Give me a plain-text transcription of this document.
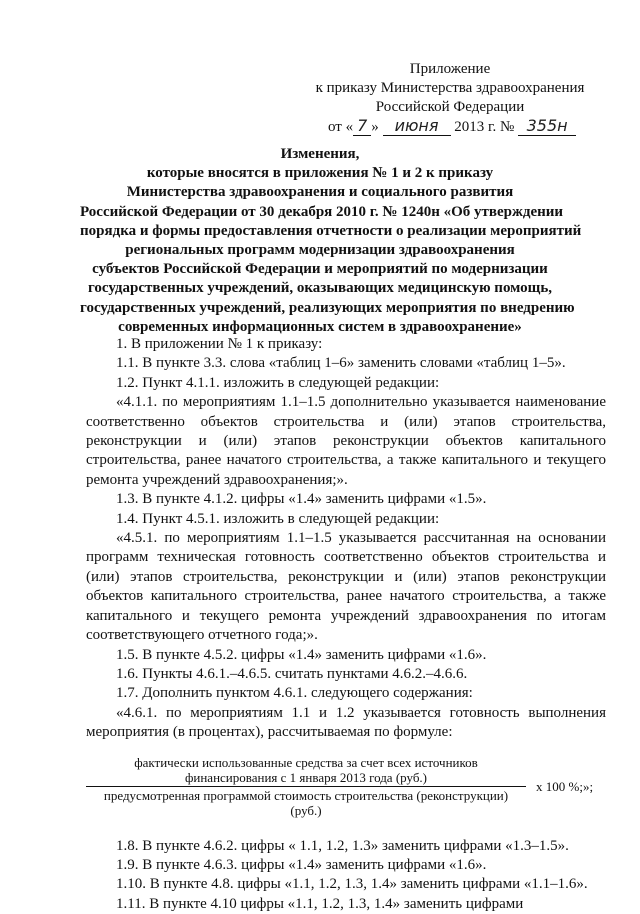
Приложение
к приказу Министерства здравоохранения
Российской Федерации
от « 7 » июня 2013 г. № 355н
Изменения,
которые вносятся в приложения № 1 и 2 к приказу
Министерства здравоохранения и социального развития
Российской Федерации от 30 декабря 2010 г. № 1240н «Об утверждении
порядка и формы предоставления отчетности о реализации мероприятий
региональных программ модернизации здравоохранения
субъектов Российской Федерации и мероприятий по модернизации
государственных учреждений, оказывающих медицинскую помощь,
государственных учреждений, реализующих мероприятия по внедрению
современных информационных систем в здравоохранение»
1. В приложении № 1 к приказу:
1.1. В пункте 3.3. слова «таблиц 1–6» заменить словами «таблиц 1–5».
1.2. Пункт 4.1.1. изложить в следующей редакции:
«4.1.1. по мероприятиям 1.1–1.5 дополнительно указывается наименование соответственно объектов строительства и (или) этапов строительства, реконструкции и (или) этапов реконструкции объектов капитального строительства, ранее начатого строительства, а также капитального и текущего ремонта учреждений здравоохранения;».
1.3. В пункте 4.1.2. цифры «1.4» заменить цифрами «1.5».
1.4. Пункт 4.5.1. изложить в следующей редакции:
«4.5.1. по мероприятиям 1.1–1.5 указывается рассчитанная на основании программ техническая готовность соответственно объектов строительства и (или) этапов строительства, реконструкции и (или) этапов реконструкции объектов капитального строительства, ранее начатого строительства, а также капитального и текущего ремонта учреждений здравоохранения по итогам соответствующего отчетного года;».
1.5. В пункте 4.5.2. цифры «1.4» заменить цифрами «1.6».
1.6. Пункты 4.6.1.–4.6.5. считать пунктами 4.6.2.–4.6.6.
1.7. Дополнить пунктом 4.6.1. следующего содержания:
«4.6.1. по мероприятиям 1.1 и 1.2 указывается готовность выполнения мероприятия (в процентах), рассчитываемая по формуле:
фактически использованные средства за счет всех источников
финансирования с 1 января 2013 года (руб.)
предусмотренная программой стоимость строительства (реконструкции)
(руб.)
х 100 %;»;
1.8. В пункте 4.6.2. цифры « 1.1, 1.2, 1.3» заменить цифрами «1.3–1.5».
1.9. В пункте 4.6.3. цифры «1.4» заменить цифрами «1.6».
1.10. В пункте 4.8. цифры «1.1, 1.2, 1.3, 1.4» заменить цифрами «1.1–1.6».
1.11. В пункте 4.10 цифры «1.1, 1.2, 1.3, 1.4» заменить цифрами
